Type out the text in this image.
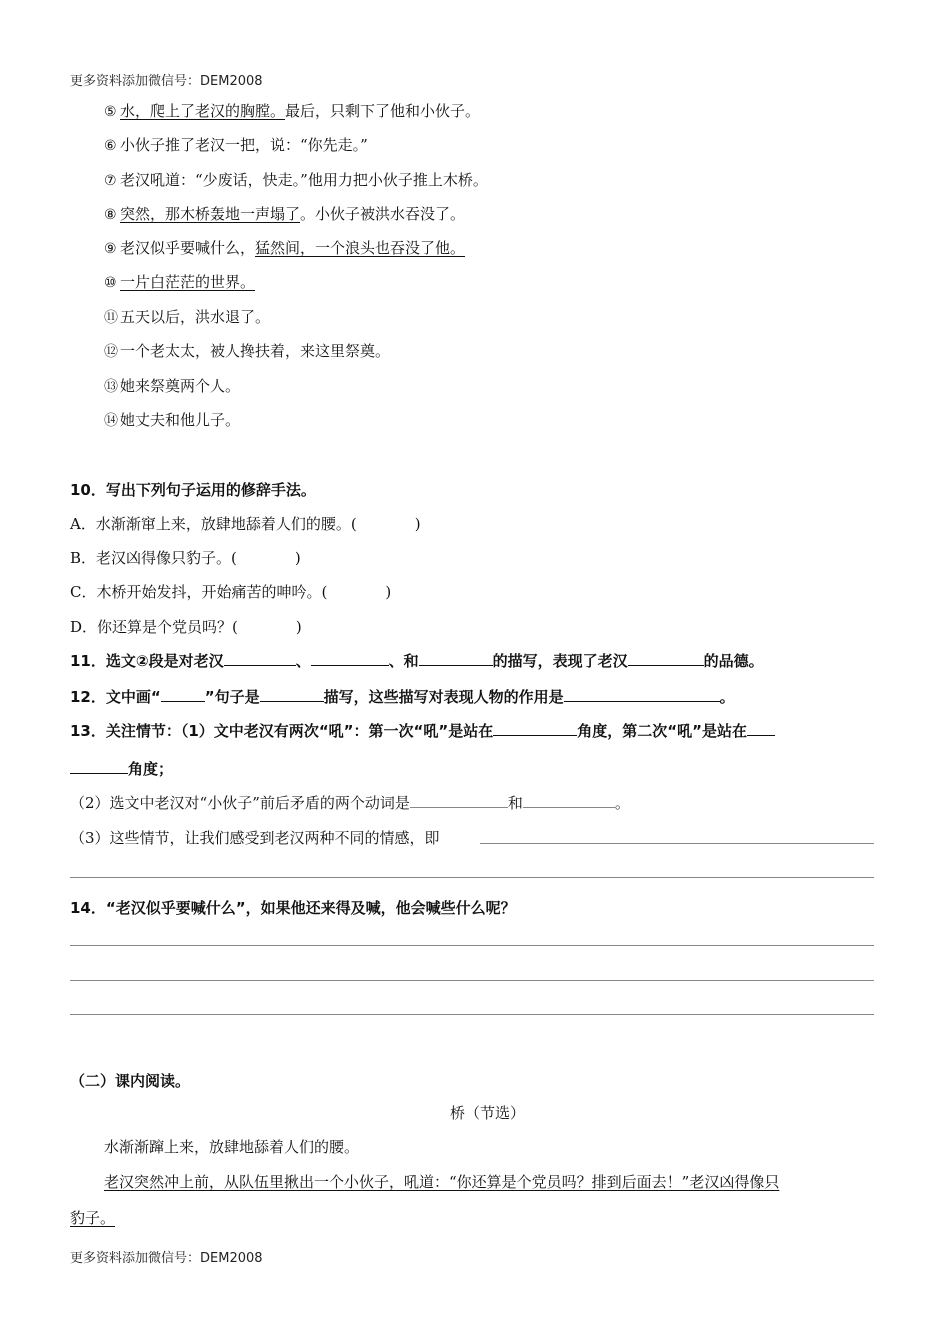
更多资料添加微信号：DEM2008
⑤ 水，爬上了老汉的胸膛。最后，只剩下了他和小伙子。
⑥ 小伙子推了老汉一把，说：“你先走。”
⑦ 老汉吼道：“少废话，快走。”他用力把小伙子推上木桥。
⑧ 突然，那木桥轰地一声塌了。小伙子被洪水吞没了。
⑨ 老汉似乎要喊什么，猛然间，一个浪头也吞没了他。
⑩ 一片白茫茫的世界。
⑪ 五天以后，洪水退了。
⑫ 一个老太太，被人搀扶着，来这里祭奠。
⑬ 她来祭奠两个人。
⑭ 她丈夫和他儿子。
10．写出下列句子运用的修辞手法。
A．水渐渐窜上来，放肆地舔着人们的腰。(	)
B．老汉凶得像只豹子。(	)
C．木桥开始发抖，开始痛苦的呻吟。(	)
D．你还算是个党员吗？(	)
11．选文②段是对老汉	、	、和	的描写，表现了老汉	的品德。
12．文中画“	”句子是	描写，这些描写对表现人物的作用是	。
13．关注情节：（1）文中老汉有两次“吼”：第一次“吼”是站在	角度，第二次“吼”是站在
角度；
（2）选文中老汉对“小伙子”前后矛盾的两个动词是	和	。
（3）这些情节，让我们感受到老汉两种不同的情感，即
14．“老汉似乎要喊什么”，如果他还来得及喊，他会喊些什么呢？
（二）课内阅读。
桥（节选）
水渐渐蹿上来，放肆地舔着人们的腰。
老汉突然冲上前，从队伍里揪出一个小伙子，吼道：“你还算是个党员吗？排到后面去！”老汉凶得像只
豹子。
更多资料添加微信号：DEM2008
